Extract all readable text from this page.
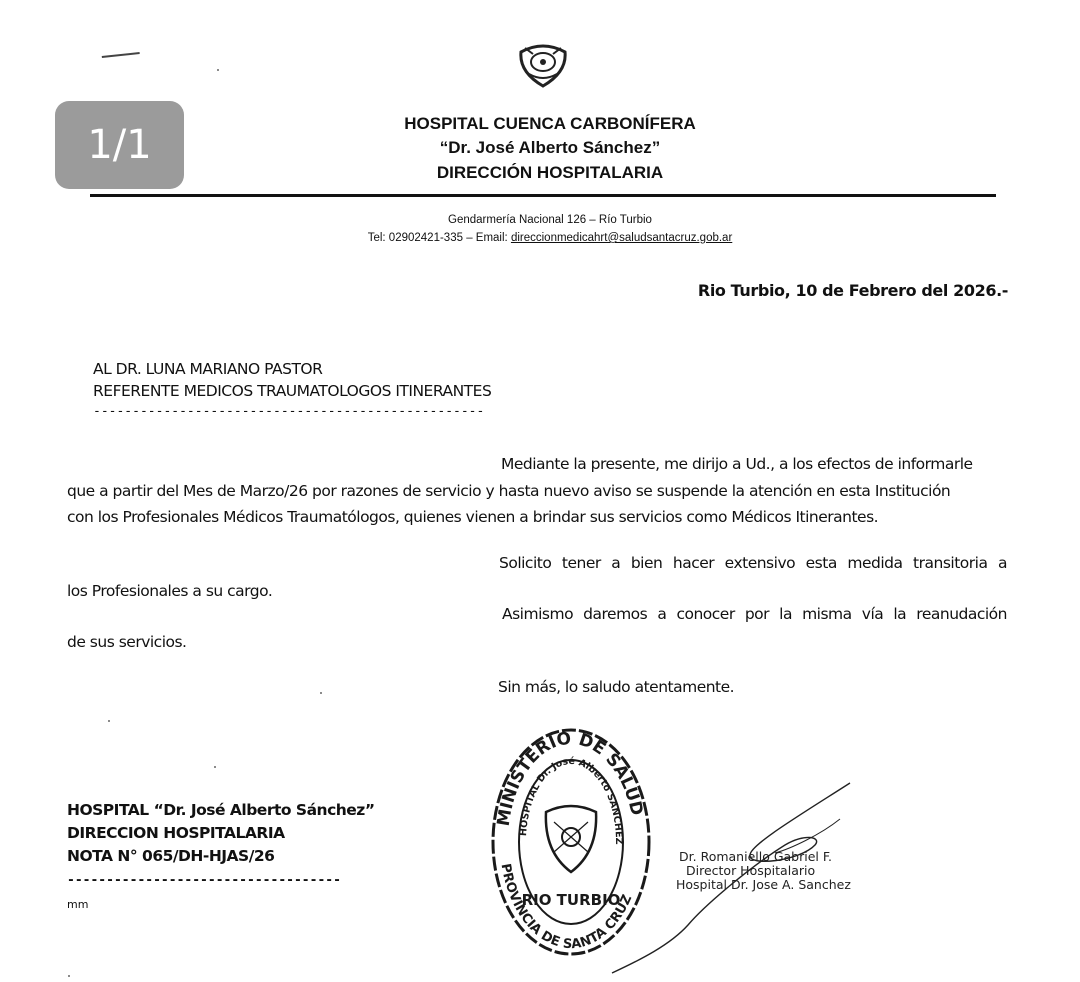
1/1	HOSPITAL CUENCA CARBONÍFERA
“Dr. José Alberto Sánchez”
DIRECCIÓN HOSPITALARIA
Gendarmería Nacional 126 – Río Turbio
Tel: 02902421-335 – Email: direccionmedicahrt@saludsantacruz.gob.ar
Rio Turbio, 10 de Febrero del 2026.-
AL DR. LUNA MARIANO PASTOR
REFERENTE MEDICOS TRAUMATOLOGOS ITINERANTES
--------------------------------------------------
Mediante la presente, me dirijo a Ud., a los efectos de informarle
que a partir del Mes de Marzo/26 por razones de servicio y hasta nuevo aviso se suspende la atención en esta Institución
con los Profesionales Médicos Traumatólogos, quienes vienen a brindar sus servicios como Médicos Itinerantes.
Solicito tener a bien hacer extensivo esta medida transitoria a
los Profesionales a su cargo.
Asimismo daremos a conocer por la misma vía la reanudación
de sus servicios.
Sin más, lo saludo atentamente.
HOSPITAL “Dr. José Alberto Sánchez”
DIRECCION HOSPITALARIA
NOTA N° 065/DH-HJAS/26
-----------------------------------
mm
MINISTERIO DE SALUD
HOSPITAL Dr. José Alberto SANCHEZ
PROVINCIA DE SANTA CRUZ
RIO TURBIO
Dr. Romaniello Gabriel F.
Director Hospitalario
Hospital Dr. Jose A. Sanchez
